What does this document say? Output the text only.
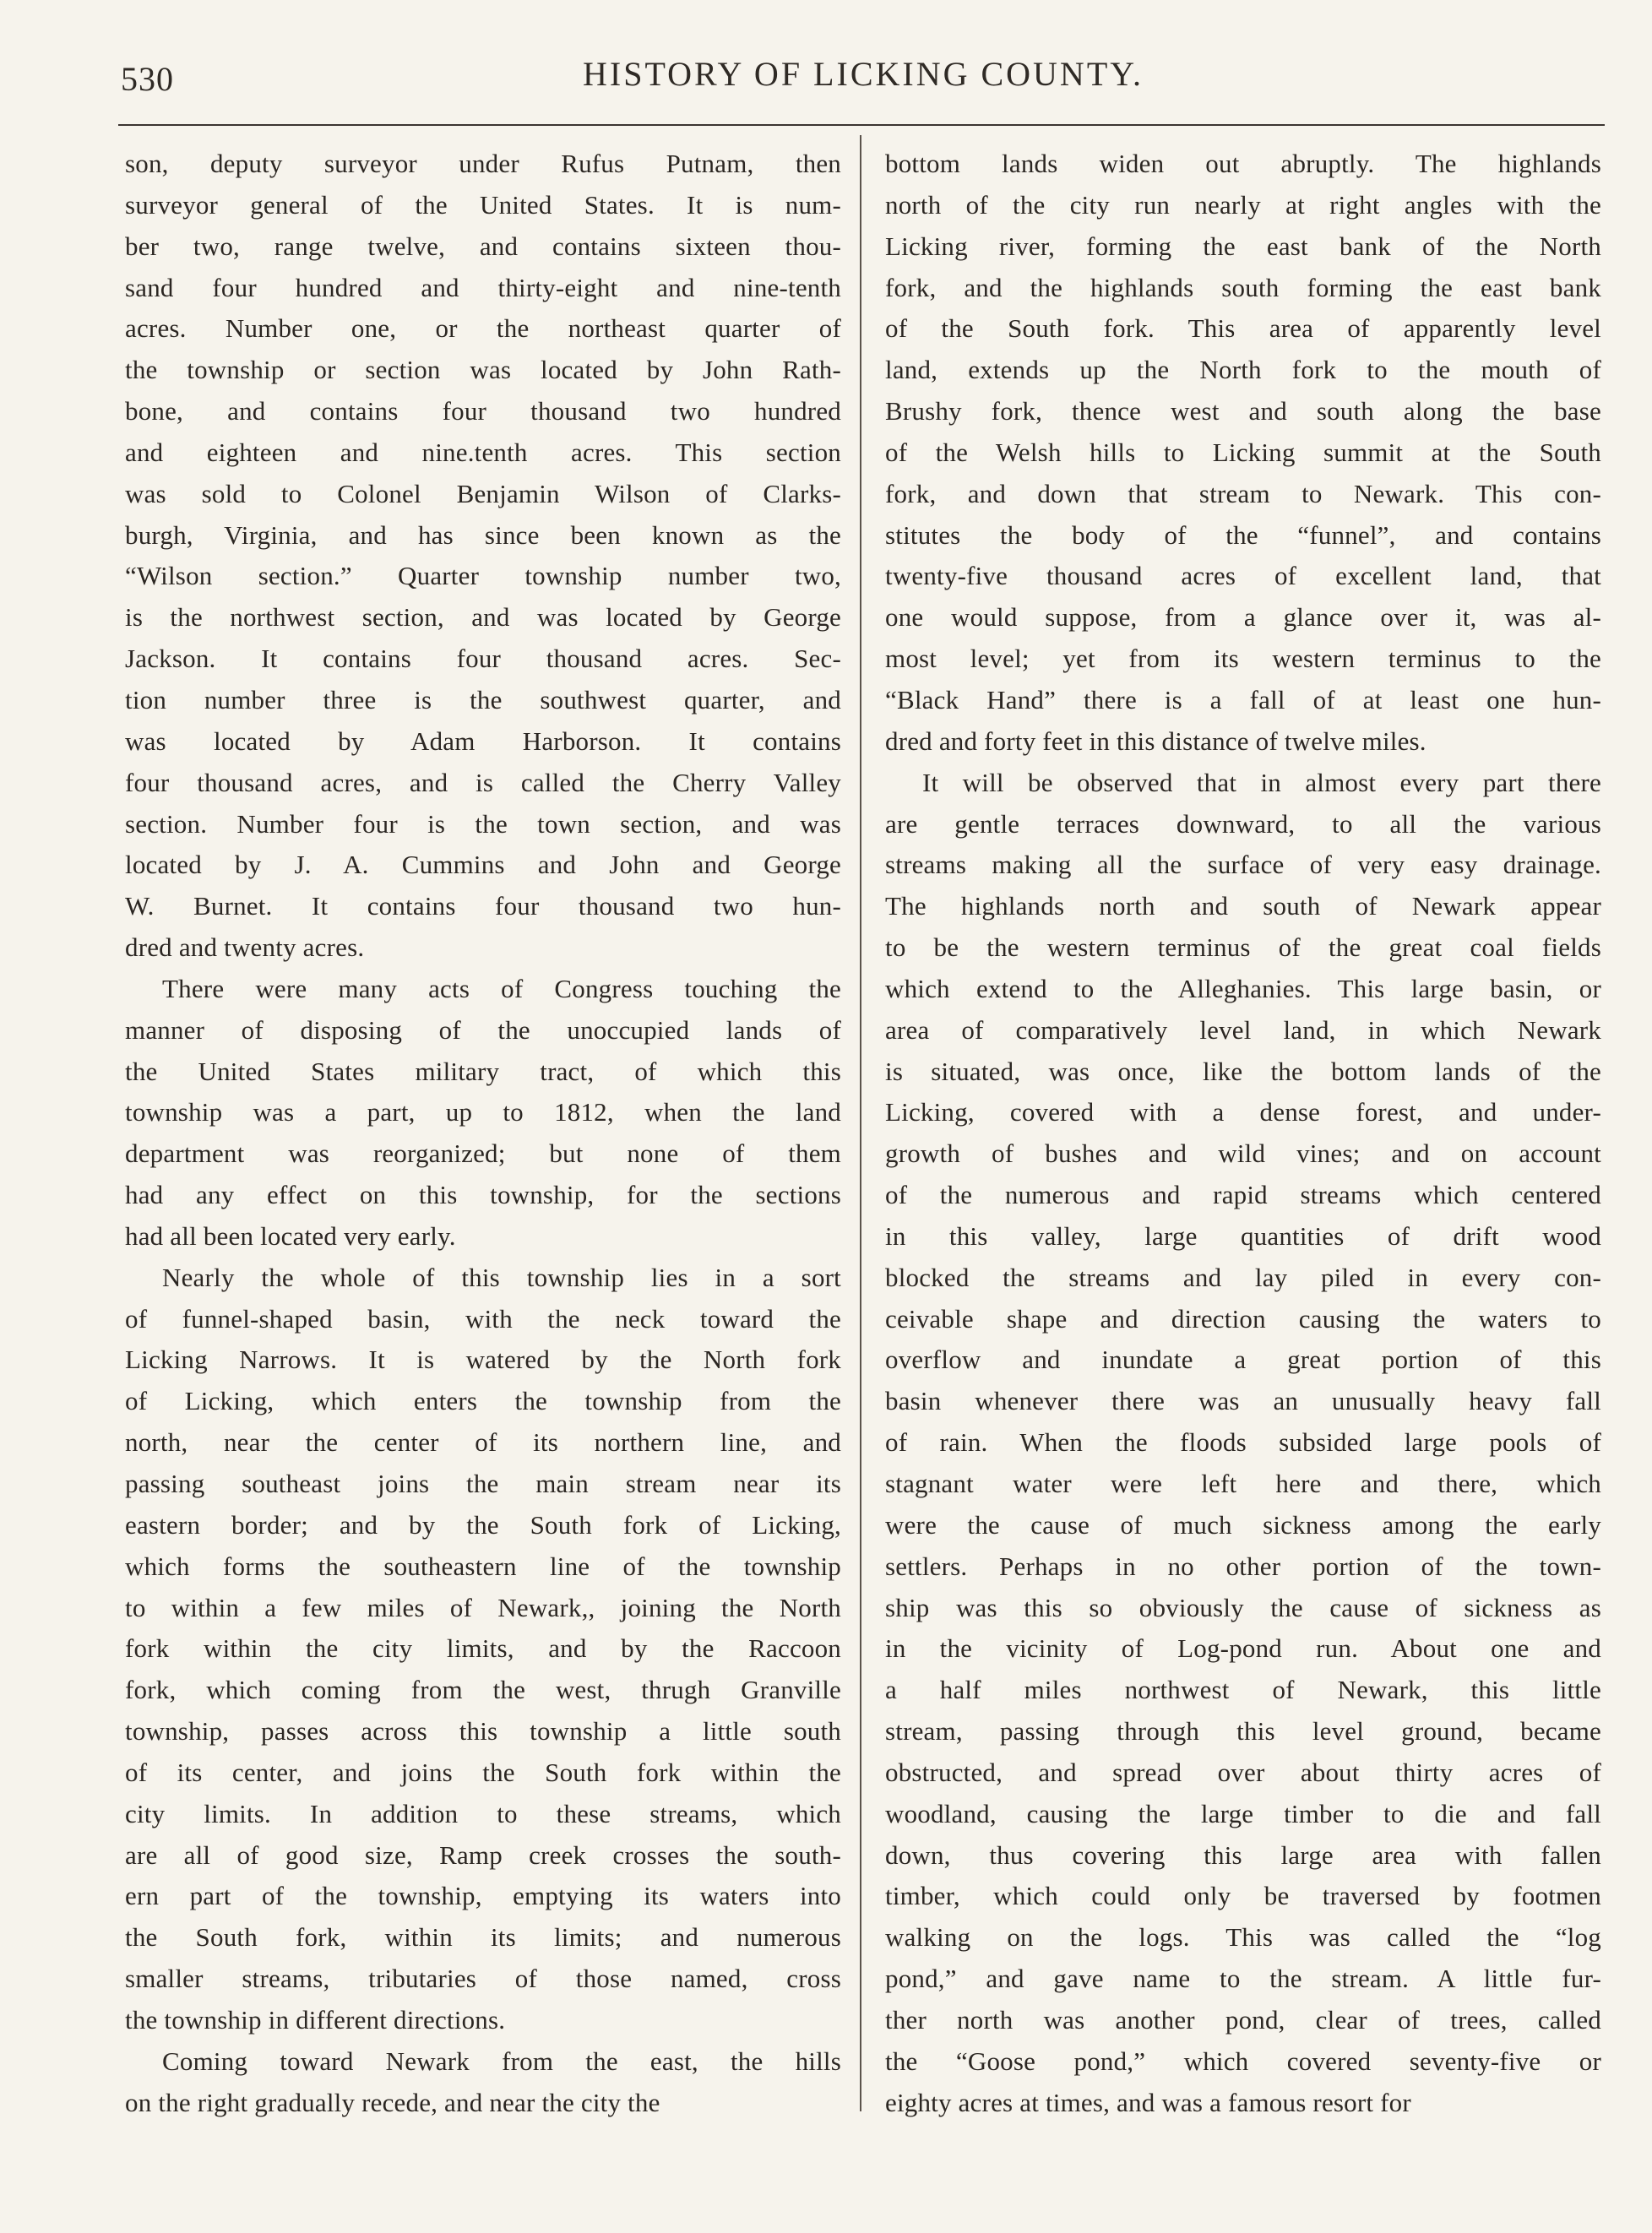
530	HISTORY OF LICKING COUNTY.
son, deputy surveyor under Rufus Putnam, then
surveyor general of the United States. It is num-
ber two, range twelve, and contains sixteen thou-
sand four hundred and thirty-eight and nine-tenth
acres. Number one, or the northeast quarter of
the township or section was located by John Rath-
bone, and contains four thousand two hundred
and eighteen and nine.tenth acres. This section
was sold to Colonel Benjamin Wilson of Clarks-
burgh, Virginia, and has since been known as the
“Wilson section.” Quarter township number two,
is the northwest section, and was located by George
Jackson. It contains four thousand acres. Sec-
tion number three is the southwest quarter, and
was located by Adam Harborson. It contains
four thousand acres, and is called the Cherry Valley
section. Number four is the town section, and was
located by J. A. Cummins and John and George
W. Burnet. It contains four thousand two hun-
dred and twenty acres.
There were many acts of Congress touching the
manner of disposing of the unoccupied lands of
the United States military tract, of which this
township was a part, up to 1812, when the land
department was reorganized; but none of them
had any effect on this township, for the sections
had all been located very early.
Nearly the whole of this township lies in a sort
of funnel-shaped basin, with the neck toward the
Licking Narrows. It is watered by the North fork
of Licking, which enters the township from the
north, near the center of its northern line, and
passing southeast joins the main stream near its
eastern border; and by the South fork of Licking,
which forms the southeastern line of the township
to within a few miles of Newark,, joining the North
fork within the city limits, and by the Raccoon
fork, which coming from the west, thrugh Granville
township, passes across this township a little south
of its center, and joins the South fork within the
city limits. In addition to these streams, which
are all of good size, Ramp creek crosses the south-
ern part of the township, emptying its waters into
the South fork, within its limits; and numerous
smaller streams, tributaries of those named, cross
the township in different directions.
Coming toward Newark from the east, the hills
on the right gradually recede, and near the city the
bottom lands widen out abruptly. The highlands
north of the city run nearly at right angles with the
Licking river, forming the east bank of the North
fork, and the highlands south forming the east bank
of the South fork. This area of apparently level
land, extends up the North fork to the mouth of
Brushy fork, thence west and south along the base
of the Welsh hills to Licking summit at the South
fork, and down that stream to Newark. This con-
stitutes the body of the “funnel”, and contains
twenty-five thousand acres of excellent land, that
one would suppose, from a glance over it, was al-
most level; yet from its western terminus to the
“Black Hand” there is a fall of at least one hun-
dred and forty feet in this distance of twelve miles.
It will be observed that in almost every part there
are gentle terraces downward, to all the various
streams making all the surface of very easy drainage.
The highlands north and south of Newark appear
to be the western terminus of the great coal fields
which extend to the Alleghanies. This large basin, or
area of comparatively level land, in which Newark
is situated, was once, like the bottom lands of the
Licking, covered with a dense forest, and under-
growth of bushes and wild vines; and on account
of the numerous and rapid streams which centered
in this valley, large quantities of drift wood
blocked the streams and lay piled in every con-
ceivable shape and direction causing the waters to
overflow and inundate a great portion of this
basin whenever there was an unusually heavy fall
of rain. When the floods subsided large pools of
stagnant water were left here and there, which
were the cause of much sickness among the early
settlers. Perhaps in no other portion of the town-
ship was this so obviously the cause of sickness as
in the vicinity of Log-pond run. About one and
a half miles northwest of Newark, this little
stream, passing through this level ground, became
obstructed, and spread over about thirty acres of
woodland, causing the large timber to die and fall
down, thus covering this large area with fallen
timber, which could only be traversed by footmen
walking on the logs. This was called the “log
pond,” and gave name to the stream. A little fur-
ther north was another pond, clear of trees, called
the “Goose pond,” which covered seventy-five or
eighty acres at times, and was a famous resort for
